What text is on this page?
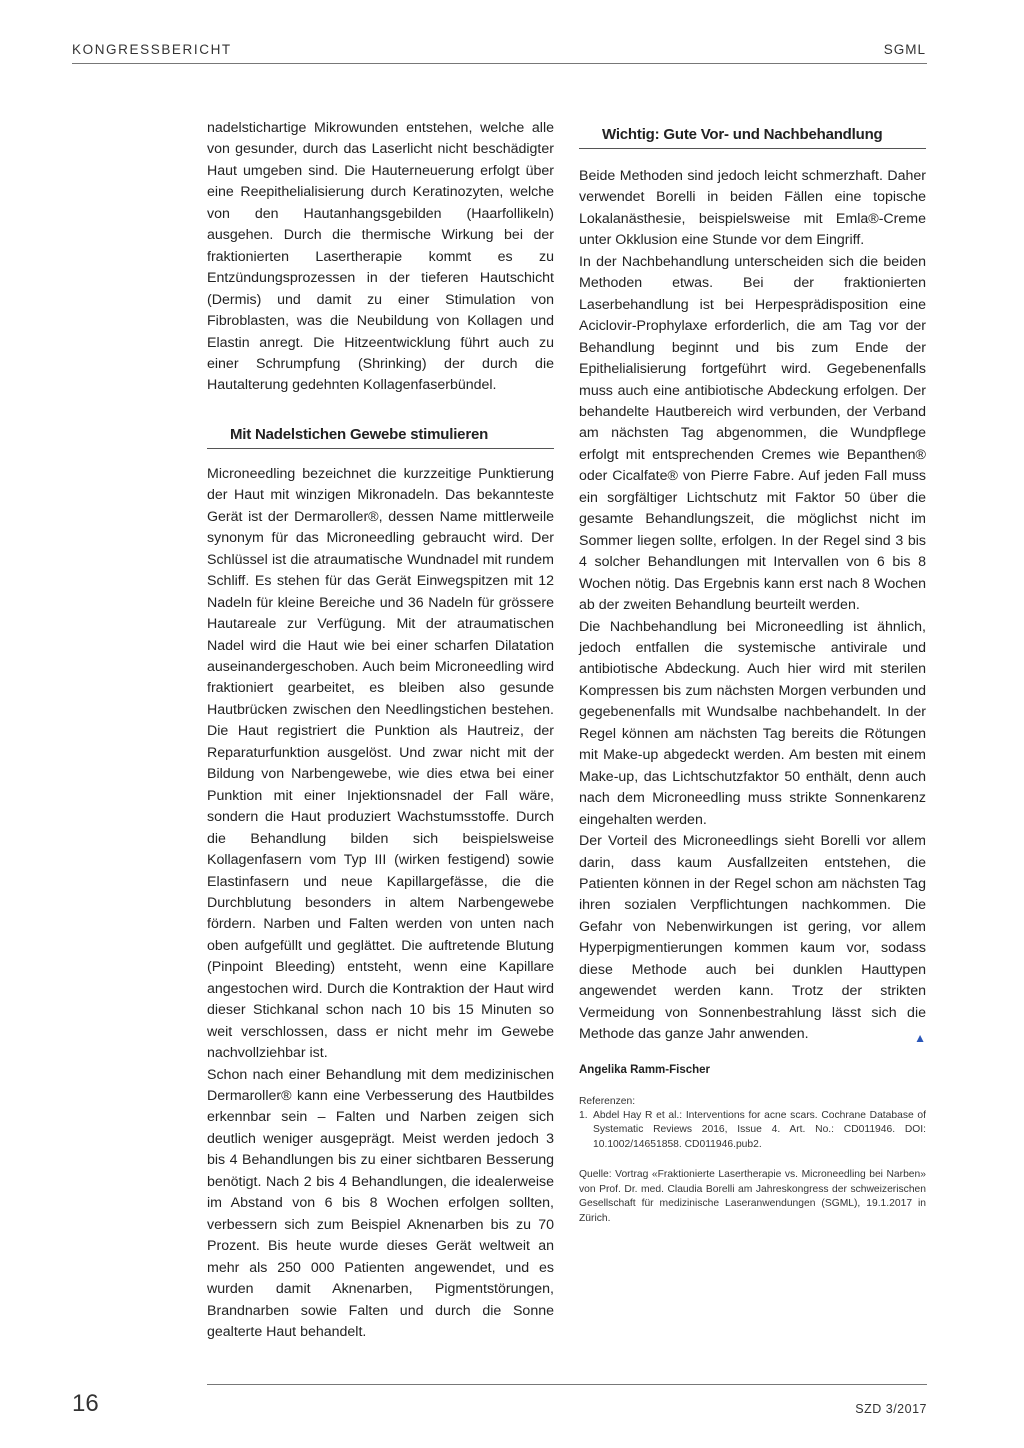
KONGRESSBERICHT	SGML

nadelstichartige Mikrowunden entstehen, welche alle von gesunder, durch das Laserlicht nicht beschädigter Haut umgeben sind. Die Hauterneuerung erfolgt über eine Reepithelialisierung durch Keratinozyten, welche von den Hautanhangsgebilden (Haarfollikeln) ausgehen. Durch die thermische Wirkung bei der fraktionierten Lasertherapie kommt es zu Entzündungsprozessen in der tieferen Hautschicht (Dermis) und damit zu einer Stimulation von Fibroblasten, was die Neubildung von Kollagen und Elastin anregt. Die Hitzeentwicklung führt auch zu einer Schrumpfung (Shrinking) der durch die Hautalterung gedehnten Kollagenfaserbündel.

Mit Nadelstichen Gewebe stimulieren

Microneedling bezeichnet die kurzzeitige Punktierung der Haut mit winzigen Mikronadeln. Das bekannteste Gerät ist der Dermaroller®, dessen Name mittlerweile synonym für das Microneedling gebraucht wird. Der Schlüssel ist die atraumatische Wundnadel mit rundem Schliff. Es stehen für das Gerät Einwegspitzen mit 12 Nadeln für kleine Bereiche und 36 Nadeln für grössere Hautareale zur Verfügung. Mit der atraumatischen Nadel wird die Haut wie bei einer scharfen Dilatation auseinandergeschoben. Auch beim Microneedling wird fraktioniert gearbeitet, es bleiben also gesunde Hautbrücken zwischen den Needlingstichen bestehen. Die Haut registriert die Punktion als Hautreiz, der Reparaturfunktion ausgelöst. Und zwar nicht mit der Bildung von Narbengewebe, wie dies etwa bei einer Punktion mit einer Injektionsnadel der Fall wäre, sondern die Haut produziert Wachstumsstoffe. Durch die Behandlung bilden sich beispielsweise Kollagenfasern vom Typ III (wirken festigend) sowie Elastinfasern und neue Kapillargefässe, die die Durchblutung besonders in altem Narbengewebe fördern. Narben und Falten werden von unten nach oben aufgefüllt und geglättet. Die auftretende Blutung (Pinpoint Bleeding) entsteht, wenn eine Kapillare angestochen wird. Durch die Kontraktion der Haut wird dieser Stichkanal schon nach 10 bis 15 Minuten so weit verschlossen, dass er nicht mehr im Gewebe nachvollziehbar ist.

Schon nach einer Behandlung mit dem medizinischen Dermaroller® kann eine Verbesserung des Hautbildes erkennbar sein – Falten und Narben zeigen sich deutlich weniger ausgeprägt. Meist werden jedoch 3 bis 4 Behandlungen bis zu einer sichtbaren Besserung benötigt. Nach 2 bis 4 Behandlungen, die idealerweise im Abstand von 6 bis 8 Wochen erfolgen sollten, verbessern sich zum Beispiel Aknenarben bis zu 70 Prozent. Bis heute wurde dieses Gerät weltweit an mehr als 250 000 Patienten angewendet, und es wurden damit Aknenarben, Pigmentstörungen, Brandnarben sowie Falten und durch die Sonne gealterte Haut behandelt.

Wichtig: Gute Vor- und Nachbehandlung

Beide Methoden sind jedoch leicht schmerzhaft. Daher verwendet Borelli in beiden Fällen eine topische Lokalanästhesie, beispielsweise mit Emla®-Creme unter Okklusion eine Stunde vor dem Eingriff.

In der Nachbehandlung unterscheiden sich die beiden Methoden etwas. Bei der fraktionierten Laserbehandlung ist bei Herpesprädisposition eine Aciclovir-Prophylaxe erforderlich, die am Tag vor der Behandlung beginnt und bis zum Ende der Epithelialisierung fortgeführt wird. Gegebenenfalls muss auch eine antibiotische Abdeckung erfolgen. Der behandelte Hautbereich wird verbunden, der Verband am nächsten Tag abgenommen, die Wundpflege erfolgt mit entsprechenden Cremes wie Bepanthen® oder Cicalfate® von Pierre Fabre. Auf jeden Fall muss ein sorgfältiger Lichtschutz mit Faktor 50 über die gesamte Behandlungszeit, die möglichst nicht im Sommer liegen sollte, erfolgen. In der Regel sind 3 bis 4 solcher Behandlungen mit Intervallen von 6 bis 8 Wochen nötig. Das Ergebnis kann erst nach 8 Wochen ab der zweiten Behandlung beurteilt werden.

Die Nachbehandlung bei Microneedling ist ähnlich, jedoch entfallen die systemische antivirale und antibiotische Abdeckung. Auch hier wird mit sterilen Kompressen bis zum nächsten Morgen verbunden und gegebenenfalls mit Wundsalbe nachbehandelt. In der Regel können am nächsten Tag bereits die Rötungen mit Make-up abgedeckt werden. Am besten mit einem Make-up, das Lichtschutzfaktor 50 enthält, denn auch nach dem Microneedling muss strikte Sonnenkarenz eingehalten werden.

Der Vorteil des Microneedlings sieht Borelli vor allem darin, dass kaum Ausfallzeiten entstehen, die Patienten können in der Regel schon am nächsten Tag ihren sozialen Verpflichtungen nachkommen. Die Gefahr von Nebenwirkungen ist gering, vor allem Hyperpigmentierungen kommen kaum vor, sodass diese Methode auch bei dunklen Hauttypen angewendet werden kann. Trotz der strikten Vermeidung von Sonnenbestrahlung lässt sich die Methode das ganze Jahr anwenden.	▲

Angelika Ramm-Fischer
Referenzen:
1. Abdel Hay R et al.: Interventions for acne scars. Cochrane Database of Systematic Reviews 2016, Issue 4. Art. No.: CD011946. DOI: 10.1002/14651858. CD011946.pub2.
Quelle: Vortrag «Fraktionierte Lasertherapie vs. Microneedling bei Narben» von Prof. Dr. med. Claudia Borelli am Jahreskongress der schweizerischen Gesellschaft für medizinische Laseranwendungen (SGML), 19.1.2017 in Zürich.
16	SZD 3/2017
